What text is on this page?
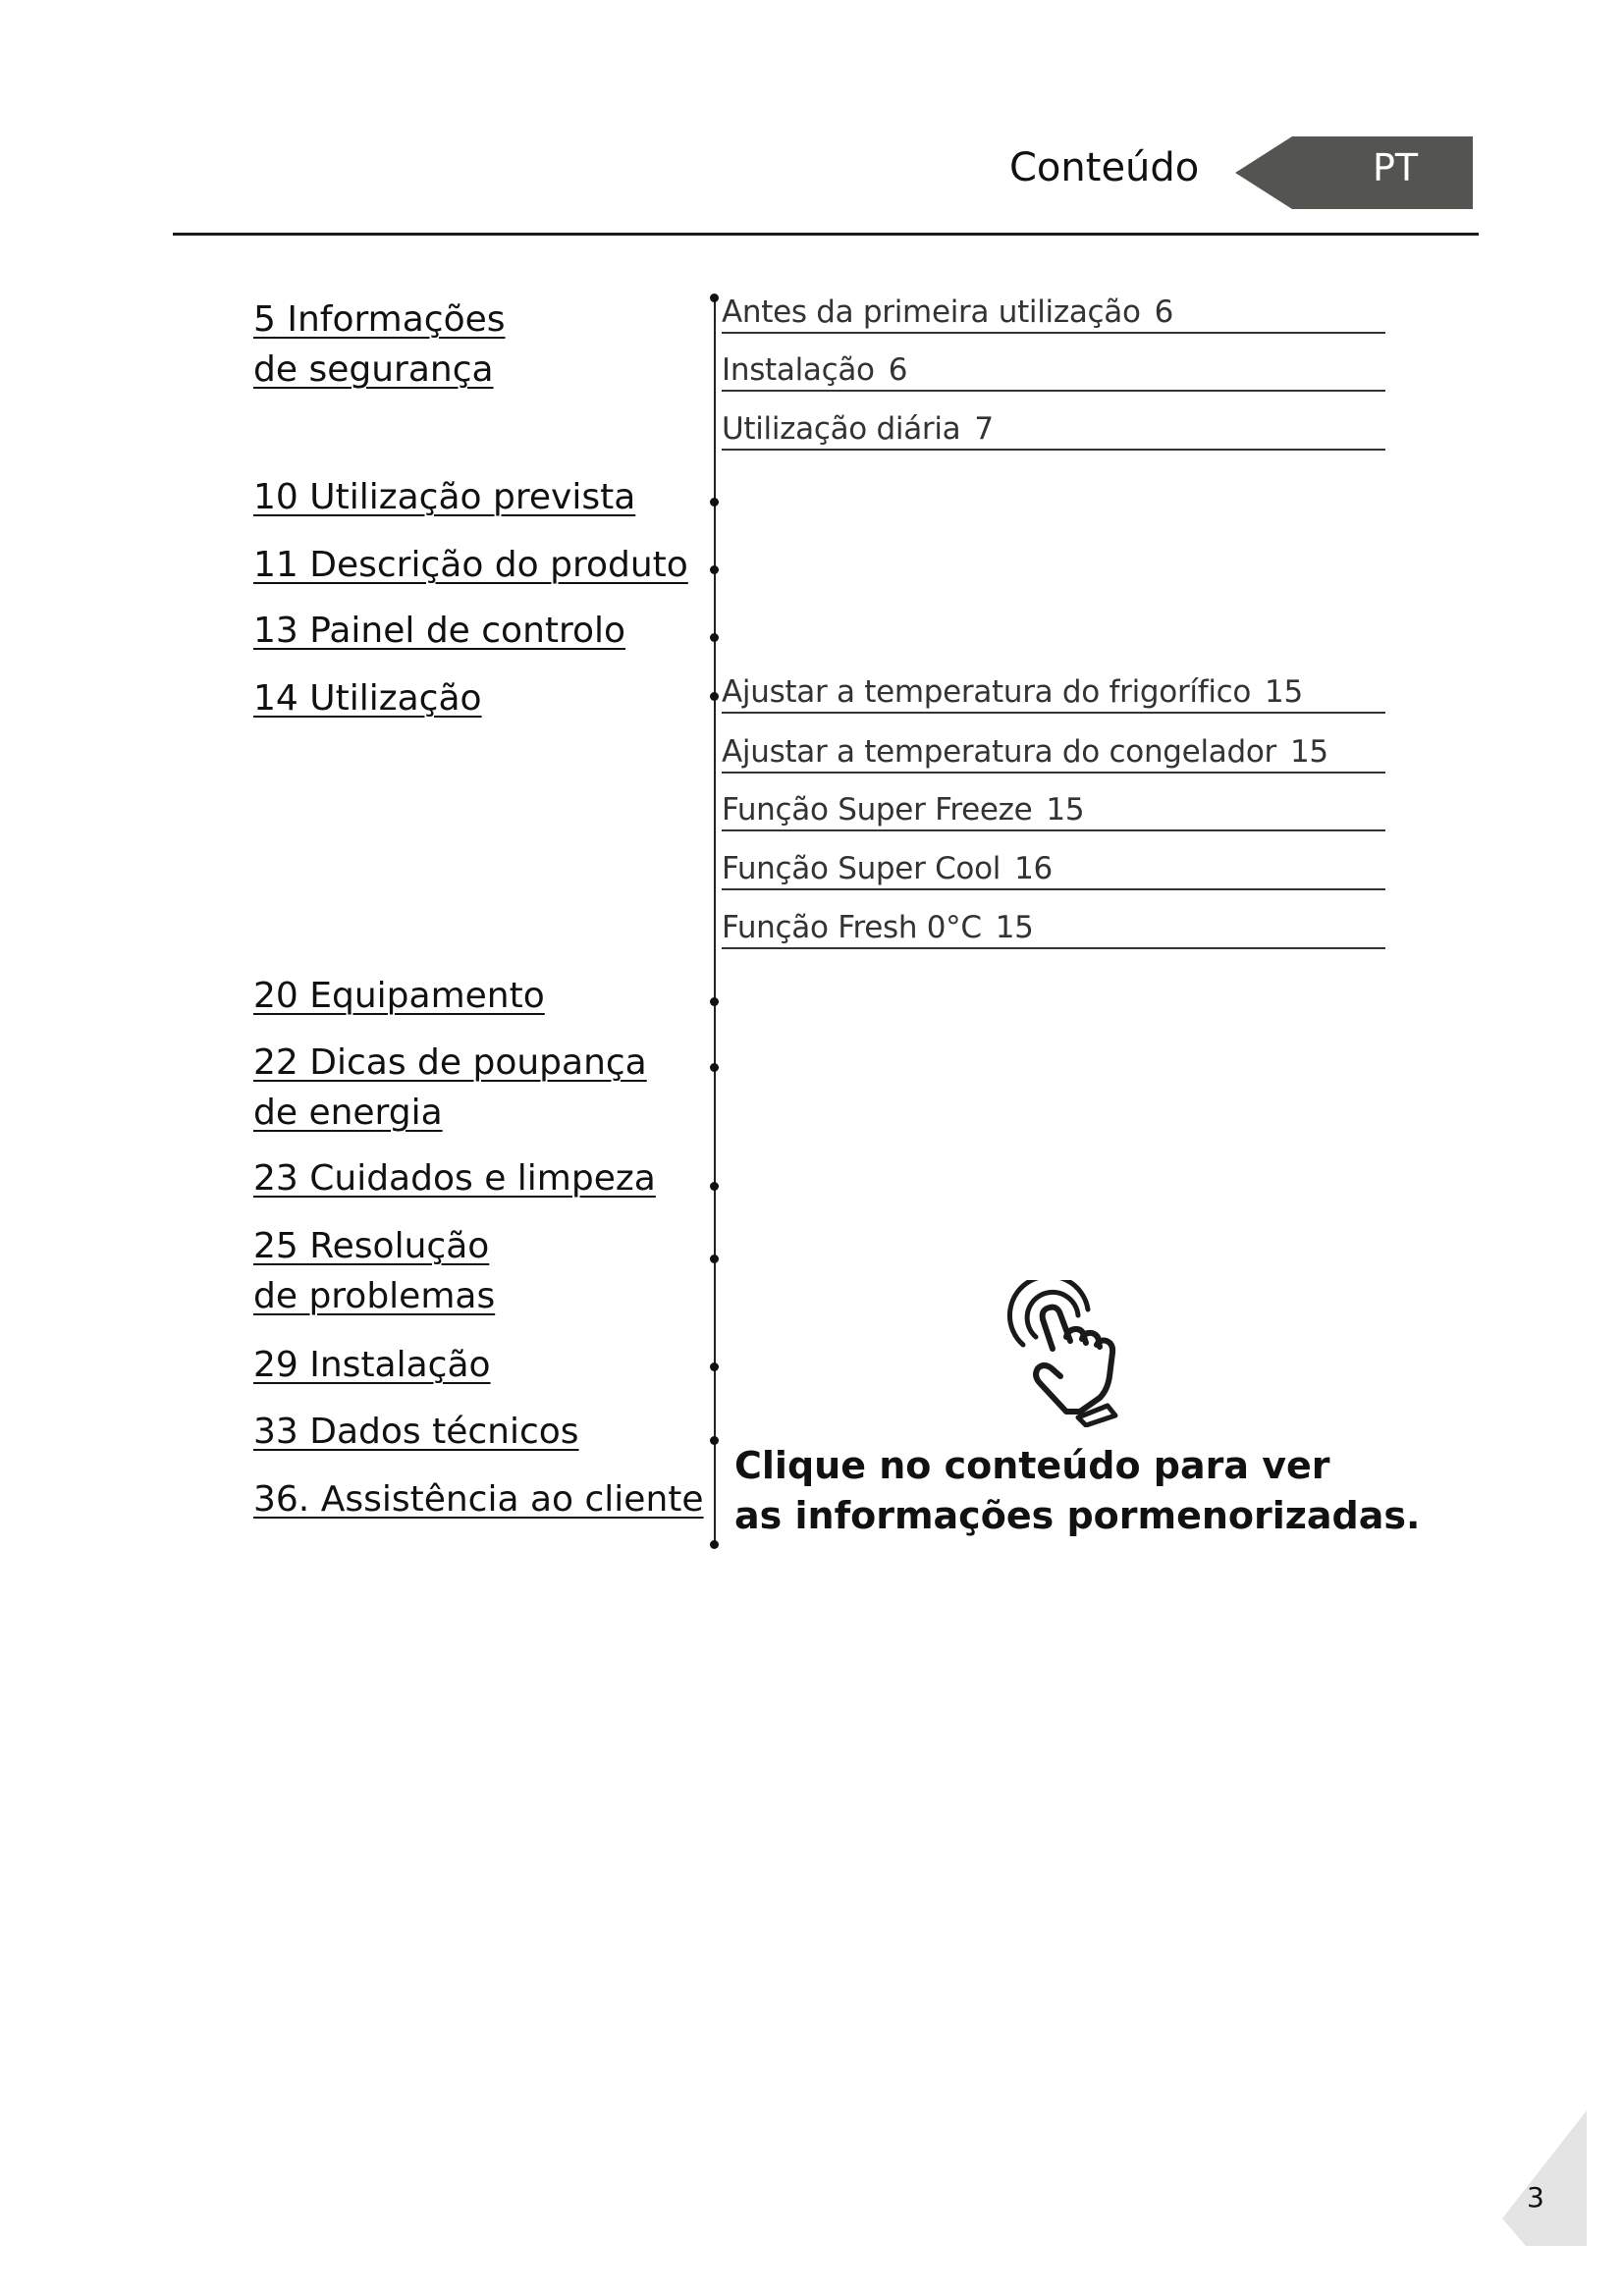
Conteúdo	PT
5 Informações
de segurança
10 Utilização prevista
11 Descrição do produto
13 Painel de controlo
14 Utilização
20 Equipamento
22 Dicas de poupança
de energia
23 Cuidados e limpeza
25 Resolução
de problemas
29 Instalação
33 Dados técnicos
36. Assistência ao cliente
Antes da primeira utilização 6
Instalação 6
Utilização diária 7
Ajustar a temperatura do frigorífico 15
Ajustar a temperatura do congelador 15
Função Super Freeze 15
Função Super Cool 16
Função Fresh 0°C 15
Clique no conteúdo para ver
as informações pormenorizadas.
3
